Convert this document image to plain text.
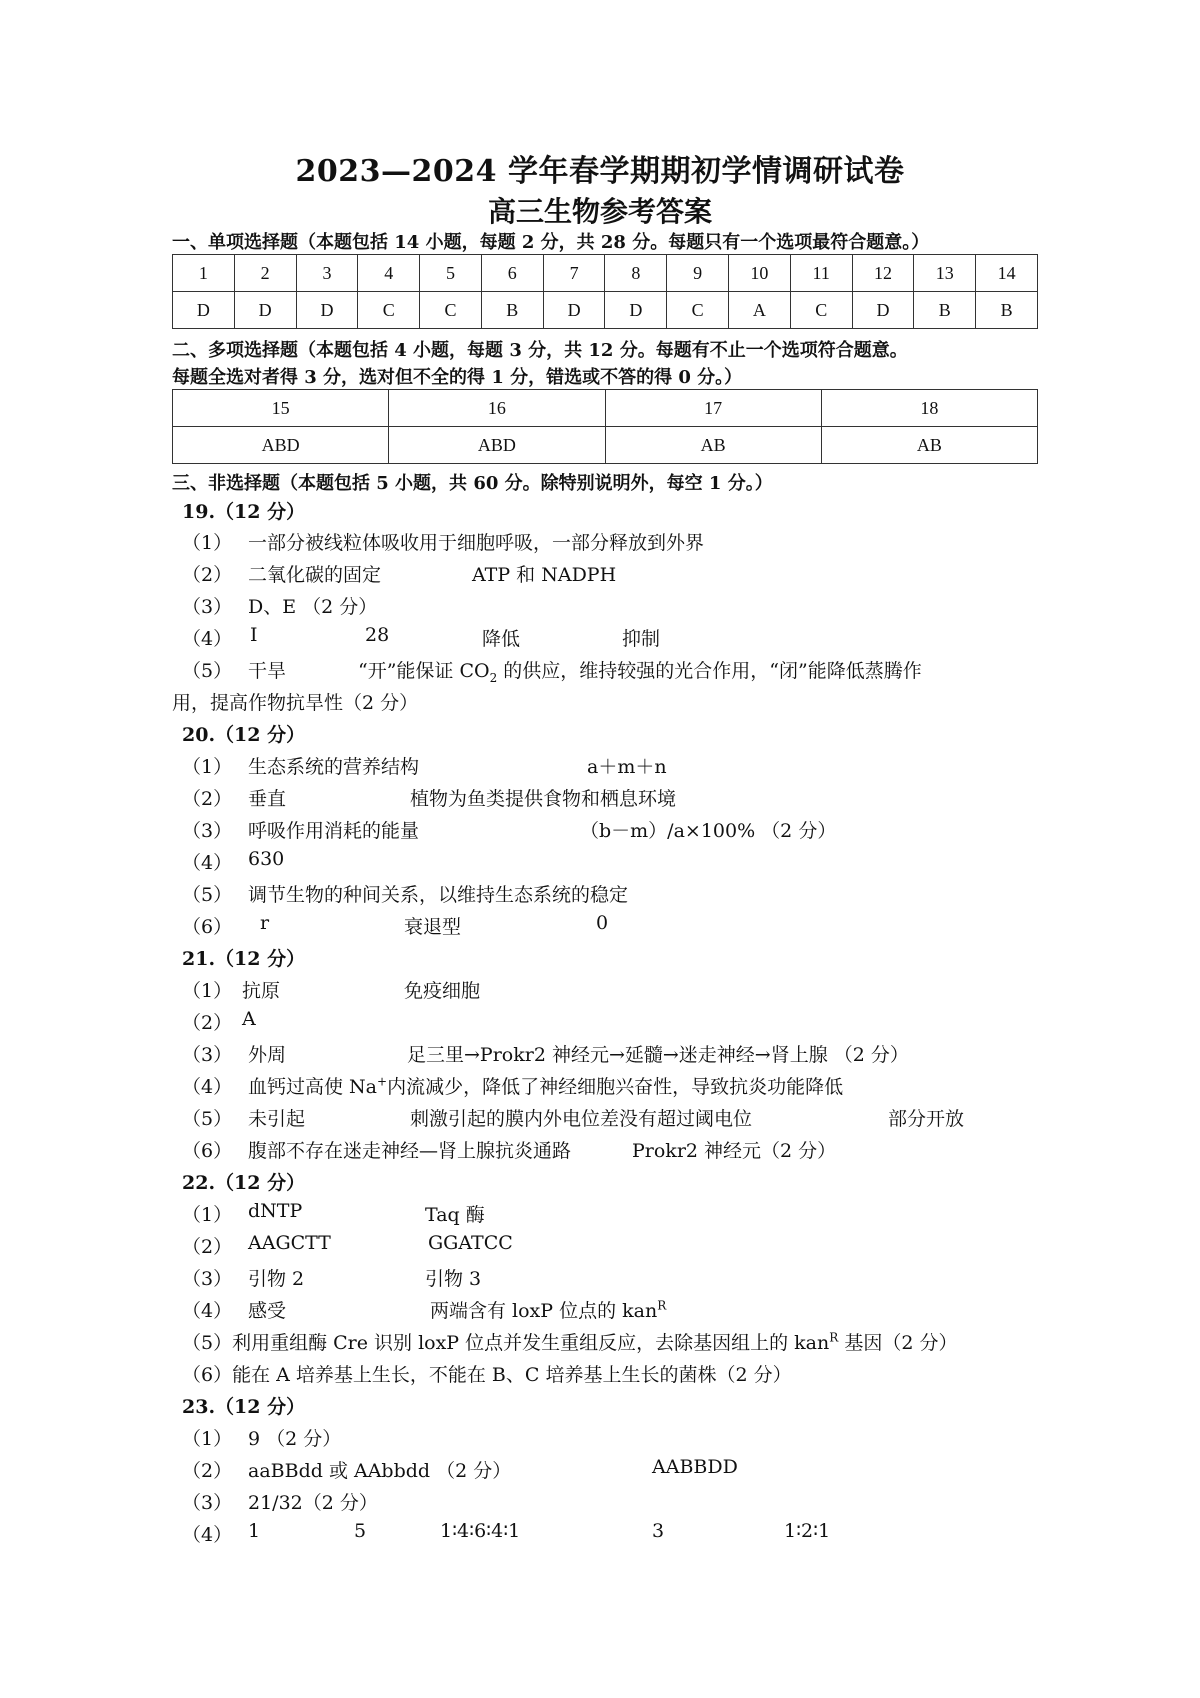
2023—2024 学年春学期期初学情调研试卷
高三生物参考答案
一、单项选择题（本题包括 14 小题，每题 2 分，共 28 分。每题只有一个选项最符合题意。）
1	2	3	4	5	6	7	8	9	10	11	12	13	14
D	D	D	C	C	B	D	D	C	A	C	D	B	B
二、多项选择题（本题包括 4 小题，每题 3 分，共 12 分。每题有不止一个选项符合题意。
每题全选对者得 3 分，选对但不全的得 1 分，错选或不答的得 0 分。）
15	16	17	18
ABD	ABD	AB	AB
三、非选择题（本题包括 5 小题，共 60 分。除特别说明外，每空 1 分。）
19.（12 分）
（1） 一部分被线粒体吸收用于细胞呼吸，一部分释放到外界
（2） 二氧化碳的固定	ATP 和 NADPH
（3） D、E （2 分）
（4） Ⅰ	28	降低	抑制
（5） 干旱	“开”能保证 $CO_2$ 的供应，维持较强的光合作用，“闭”能降低蒸腾作
用，提高作物抗旱性（2 分）
20.（12 分）
（1） 生态系统的营养结构	a＋m＋n
（2） 垂直	植物为鱼类提供食物和栖息环境
（3） 呼吸作用消耗的能量	（b－m）/a×100% （2 分）
（4） 630
（5） 调节生物的种间关系，以维持生态系统的稳定
（6） r	衰退型	0
21.（12 分）
（1） 抗原	免疫细胞
（2） A
（3） 外周	足三里→Prokr2 神经元→延髓→迷走神经→肾上腺 （2 分）
（4） 血钙过高使 Na+内流减少，降低了神经细胞兴奋性，导致抗炎功能降低
（5） 未引起	刺激引起的膜内外电位差没有超过阈电位	部分开放
（6） 腹部不存在迷走神经—肾上腺抗炎通路	Prokr2 神经元（2 分）
22.（12 分）
（1） dNTP	Taq 酶
（2） AAGCTT	GGATCC
（3） 引物 2	引物 3
（4） 感受	两端含有 loxP 位点的 kan$^R$
（5）利用重组酶 Cre 识别 loxP 位点并发生重组反应，去除基因组上的 kan$^R$ 基因（2 分）
（6）能在 A 培养基上生长，不能在 B、C 培养基上生长的菌株（2 分）
23.（12 分）
（1） 9 （2 分）
（2） aaBBdd 或 AAbbdd （2 分）	AABBDD
（3） 21/32（2 分）
（4） 1	5	1∶4∶6∶4∶1	3	1∶2∶1
